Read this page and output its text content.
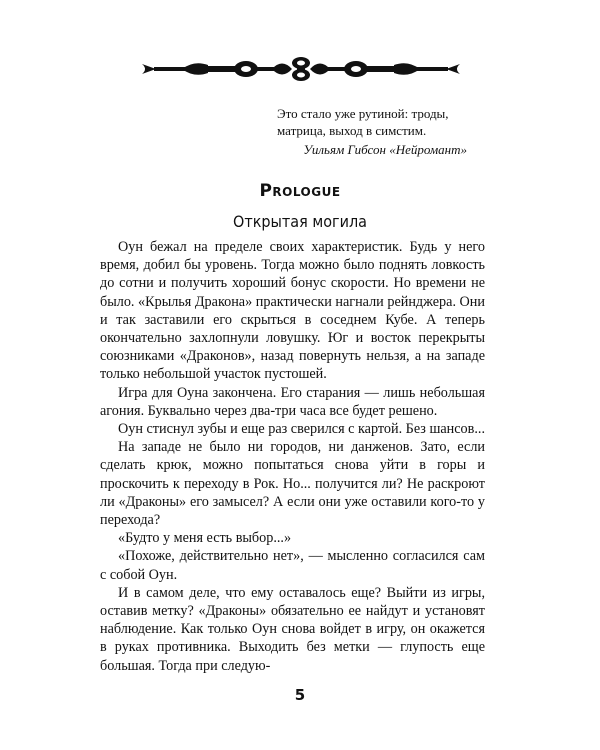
Это стало уже рутиной: троды,
матрица, выход в симстим.
Уильям Гибсон «Нейромант»
Prologue
Открытая могила

Оун бежал на пределе своих характеристик. Будь у него время, добил бы уровень. Тогда можно было поднять ловкость до сотни и получить хороший бонус скорости. Но времени не было. «Крылья Дракона» практически нагнали рейнджера. Они и так заставили его скрыться в соседнем Кубе. А теперь окончательно захлопнули ловушку. Юг и восток перекрыты союзниками «Драконов», назад повернуть нельзя, а на западе только небольшой участок пустошей.

Игра для Оуна закончена. Его старания — лишь небольшая агония. Буквально через два-три часа все будет решено.

Оун стиснул зубы и еще раз сверился с картой. Без шансов...

На западе не было ни городов, ни данженов. Зато, если сделать крюк, можно попытаться снова уйти в горы и проскочить к переходу в Рок. Но... получится ли? Не раскроют ли «Драконы» его замысел? А если они уже оставили кого-то у перехода?

«Будто у меня есть выбор...»

«Похоже, действительно нет», — мысленно согласился сам с собой Оун.

И в самом деле, что ему оставалось еще? Выйти из игры, оставив метку? «Драконы» обязательно ее найдут и установят наблюдение. Как только Оун снова войдет в игру, он окажется в руках противника. Выходить без метки — глупость еще большая. Тогда при следую-

5
